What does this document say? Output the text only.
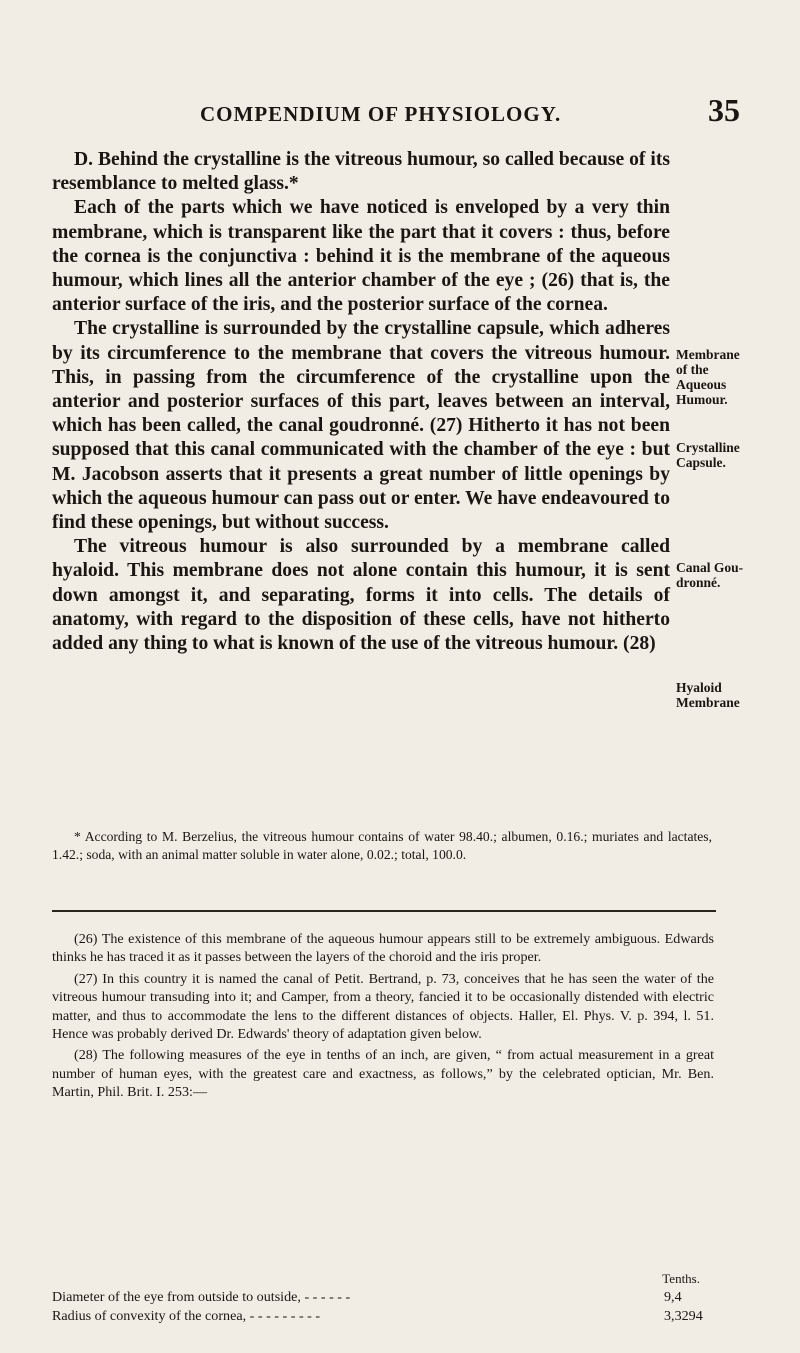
COMPENDIUM OF PHYSIOLOGY.	35

D. Behind the crystalline is the vitreous humour, so called because of its resemblance to melted glass.*

Each of the parts which we have noticed is enveloped by a very thin membrane, which is transparent like the part that it covers : thus, before the cornea is the conjunctiva : behind it is the membrane of the aqueous humour, which lines all the anterior chamber of the eye ; (26) that is, the anterior surface of the iris, and the posterior surface of the cornea.

The crystalline is surrounded by the crystalline capsule, which adheres by its circumference to the membrane that covers the vitreous humour. This, in passing from the circumference of the crystalline upon the anterior and posterior surfaces of this part, leaves between an interval, which has been called, the canal goudronné. (27) Hitherto it has not been supposed that this canal communicated with the chamber of the eye : but M. Jacobson asserts that it presents a great number of little openings by which the aqueous humour can pass out or enter. We have endeavoured to find these openings, but without success.

The vitreous humour is also surrounded by a membrane called hyaloid. This membrane does not alone contain this humour, it is sent down amongst it, and separating, forms it into cells. The details of anatomy, with regard to the disposition of these cells, have not hitherto added any thing to what is known of the use of the vitreous humour. (28)

Membrane
of the
Aqueous
Humour.
Crystalline
Capsule.
Canal Gou-
dronné.
Hyaloid
Membrane

* According to M. Berzelius, the vitreous humour contains of water 98.40.; albumen, 0.16.; muriates and lactates, 1.42.; soda, with an animal matter soluble in water alone, 0.02.; total, 100.0.

(26) The existence of this membrane of the aqueous humour appears still to be extremely ambiguous. Edwards thinks he has traced it as it passes between the layers of the choroid and the iris proper.

(27) In this country it is named the canal of Petit. Bertrand, p. 73, conceives that he has seen the water of the vitreous humour transuding into it; and Camper, from a theory, fancied it to be occasionally distended with electric matter, and thus to accommodate the lens to the different distances of objects. Haller, El. Phys. V. p. 394, l. 51. Hence was probably derived Dr. Edwards' theory of adaptation given below.

(28) The following measures of the eye in tenths of an inch, are given, “ from actual measurement in a great number of human eyes, with the greatest care and exactness, as follows,” by the celebrated optician, Mr. Ben. Martin, Phil. Brit. I. 253:—

Tenths.
Diameter of the eye from outside to outside, - - - - - -	9,4
Radius of convexity of the cornea, - - - - - - - - -	3,3294
